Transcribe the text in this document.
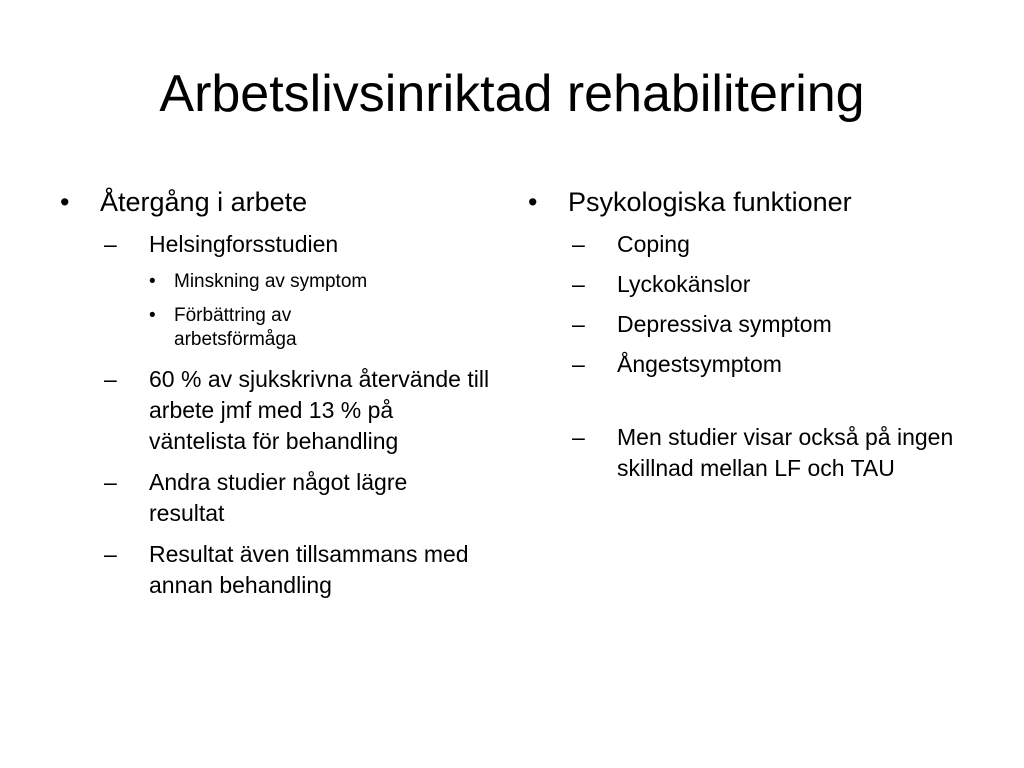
Arbetslivsinriktad rehabilitering
•	Återgång i arbete
–	Helsingforsstudien
• Minskning av symptom
• Förbättring av arbetsförmåga
–	60 % av sjukskrivna återvände till arbete jmf med 13 % på väntelista för behandling
–	Andra studier något lägre resultat
–	Resultat även tillsammans med annan behandling
•	Psykologiska funktioner
–	Coping
–	Lyckokänslor
–	Depressiva symptom
–	Ångestsymptom
–	Men studier visar också på ingen skillnad mellan LF och TAU
